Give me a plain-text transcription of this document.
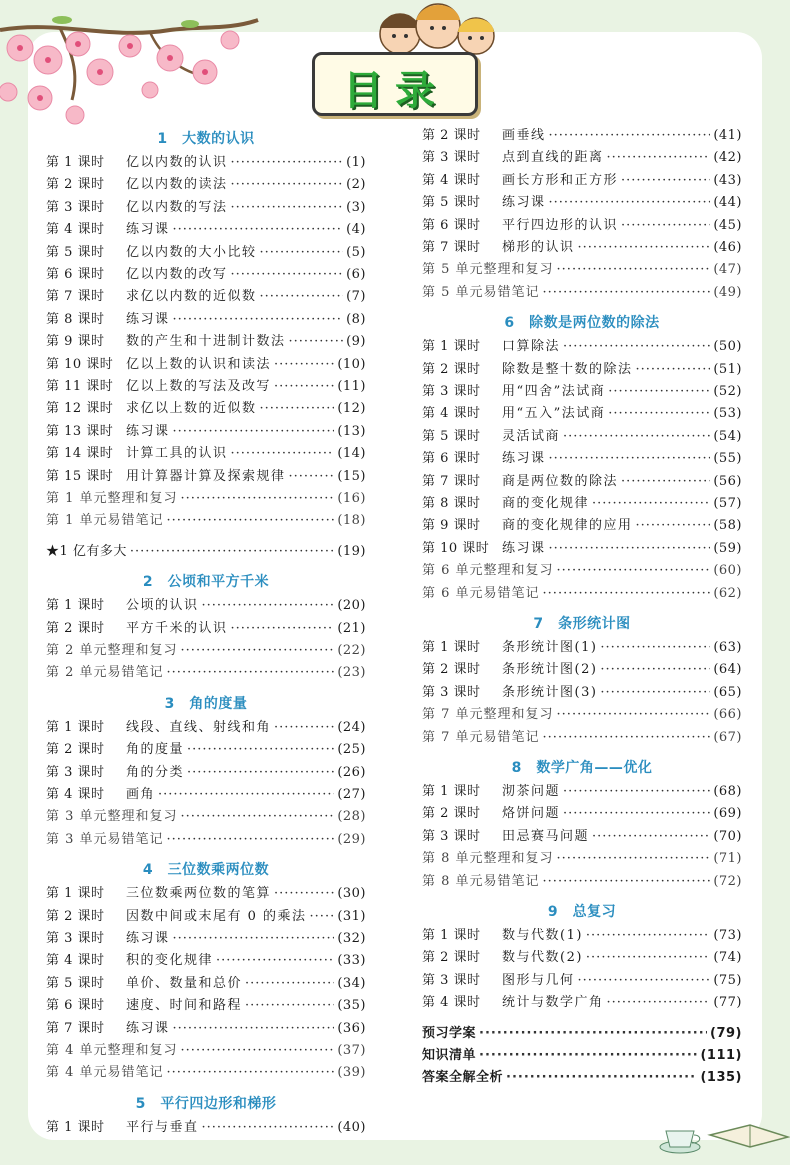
目录
1　大数的认识
第 1 课时	亿以内数的认识 ·····	(1)
第 2 课时	亿以内数的读法 ·····	(2)
第 3 课时	亿以内数的写法 ·····	(3)
第 4 课时	练习课 ·····	(4)
第 5 课时	亿以内数的大小比较 ·····	(5)
第 6 课时	亿以内数的改写 ·····	(6)
第 7 课时	求亿以内数的近似数 ·····	(7)
第 8 课时	练习课 ·····	(8)
第 9 课时	数的产生和十进制计数法 ·····	(9)
第 10 课时 亿以上数的认识和读法 ·····	(10)
第 11 课时 亿以上数的写法及改写 ·····	(11)
第 12 课时 求亿以上数的近似数 ·····	(12)
第 13 课时 练习课 ·····	(13)
第 14 课时 计算工具的认识 ·····	(14)
第 15 课时 用计算器计算及探索规律 ·····	(15)
第 1 单元整理和复习 ·····	(16)
第 1 单元易错笔记 ·····	(18)
★1 亿有多大 ·····	(19)
2　公顷和平方千米
第 1 课时	公顷的认识 ·····	(20)
第 2 课时	平方千米的认识 ·····	(21)
第 2 单元整理和复习 ·····	(22)
第 2 单元易错笔记 ·····	(23)
3　角的度量
第 1 课时	线段、直线、射线和角 ·····	(24)
第 2 课时	角的度量 ·····	(25)
第 3 课时	角的分类 ·····	(26)
第 4 课时	画角 ·····	(27)
第 3 单元整理和复习 ·····	(28)
第 3 单元易错笔记 ·····	(29)
4　三位数乘两位数
第 1 课时	三位数乘两位数的笔算 ·····	(30)
第 2 课时	因数中间或末尾有 0 的乘法 ····· (31)
第 3 课时	练习课 ·····	(32)
第 4 课时	积的变化规律 ·····	(33)
第 5 课时	单价、数量和总价 ·····	(34)
第 6 课时	速度、时间和路程 ·····	(35)
第 7 课时	练习课 ·····	(36)
第 4 单元整理和复习 ·····	(37)
第 4 单元易错笔记 ·····	(39)
5　平行四边形和梯形
第 1 课时	平行与垂直 ·····	(40)
第 2 课时	画垂线 ·····	(41)
第 3 课时	点到直线的距离 ·····	(42)
第 4 课时	画长方形和正方形 ·····	(43)
第 5 课时	练习课 ·····	(44)
第 6 课时	平行四边形的认识 ·····	(45)
第 7 课时	梯形的认识 ·····	(46)
第 5 单元整理和复习 ·····	(47)
第 5 单元易错笔记 ·····	(49)
6　除数是两位数的除法
第 1 课时	口算除法 ·····	(50)
第 2 课时	除数是整十数的除法 ·····	(51)
第 3 课时	用“四舍”法试商 ·····	(52)
第 4 课时	用“五入”法试商 ·····	(53)
第 5 课时	灵活试商 ·····	(54)
第 6 课时	练习课 ·····	(55)
第 7 课时	商是两位数的除法 ·····	(56)
第 8 课时	商的变化规律 ·····	(57)
第 9 课时	商的变化规律的应用 ·····	(58)
第 10 课时 练习课 ·····	(59)
第 6 单元整理和复习 ·····	(60)
第 6 单元易错笔记 ·····	(62)
7　条形统计图
第 1 课时	条形统计图(1) ·····	(63)
第 2 课时	条形统计图(2) ·····	(64)
第 3 课时	条形统计图(3) ·····	(65)
第 7 单元整理和复习 ·····	(66)
第 7 单元易错笔记 ·····	(67)
8　数学广角——优化
第 1 课时	沏茶问题 ·····	(68)
第 2 课时	烙饼问题 ·····	(69)
第 3 课时	田忌赛马问题 ·····	(70)
第 8 单元整理和复习 ·····	(71)
第 8 单元易错笔记 ·····	(72)
9　总复习
第 1 课时	数与代数(1) ·····	(73)
第 2 课时	数与代数(2) ·····	(74)
第 3 课时	图形与几何 ·····	(75)
第 4 课时	统计与数学广角 ·····	(77)
预习学案 ·····	(79)
知识清单 ·····	(111)
答案全解全析 ·····	(135)
